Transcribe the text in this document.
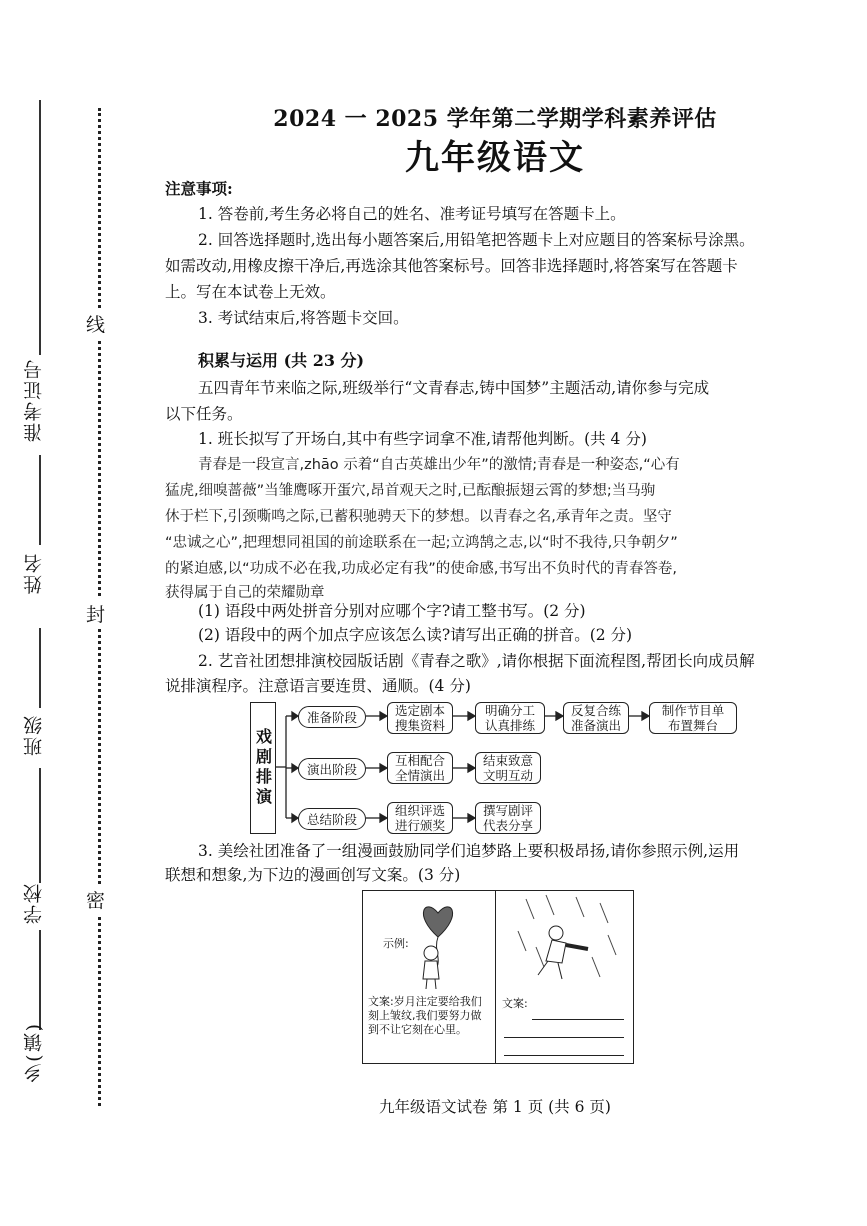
准考证号
姓名
班级
学校
乡(镇)
线
封
密
2024 一 2025 学年第二学期学科素养评估
九年级语文
注意事项:
1. 答卷前,考生务必将自己的姓名、准考证号填写在答题卡上。
2. 回答选择题时,选出每小题答案后,用铅笔把答题卡上对应题目的答案标号涂黑。
如需改动,用橡皮擦干净后,再选涂其他答案标号。回答非选择题时,将答案写在答题卡
上。写在本试卷上无效。
3. 考试结束后,将答题卡交回。
积累与运用 (共 23 分)
五四青年节来临之际,班级举行“文青春志,铸中国梦”主题活动,请你参与完成
以下任务。
1. 班长拟写了开场白,其中有些字词拿不准,请帮他判断。(共 4 分)
青春是一段宣言,zhāo 示着“自古英雄出少年”的激情;青春是一种姿态,“心有
猛虎,细嗅蔷薇”当雏鹰啄开蛋穴,昂首观天之时,已酝酿振翅云霄的梦想;当马驹
休于栏下,引颈嘶鸣之际,已蓄积驰骋天下的梦想。以青春之名,承青年之责。坚守
“忠诚之心”,把理想同祖国的前途联系在一起;立鸿鹄之志,以“时不我待,只争朝夕”
的紧迫感,以“功成不必在我,功成必定有我”的使命感,书写出不负时代的青春答卷,
获得属于自己的荣耀勋章
(1) 语段中两处拼音分别对应哪个字?请工整书写。(2 分)
(2) 语段中的两个加点字应该怎么读?请写出正确的拼音。(2 分)
2. 艺音社团想排演校园版话剧《青春之歌》,请你根据下面流程图,帮团长向成员解
说排演程序。注意语言要连贯、通顺。(4 分)
戏剧排演
准备阶段
演出阶段
总结阶段
选定剧本
搜集资料
明确分工
认真排练
反复合练
准备演出
制作节目单
布置舞台
互相配合
全情演出
结束致意
文明互动
组织评选
进行颁奖
撰写剧评
代表分享
3. 美绘社团准备了一组漫画鼓励同学们追梦路上要积极昂扬,请你参照示例,运用
联想和想象,为下边的漫画创写文案。(3 分)
示例:
文案:岁月注定要给我们刻上皱纹,我们要努力做到不让它刻在心里。
文案:
九年级语文试卷 第 1 页 (共 6 页)
